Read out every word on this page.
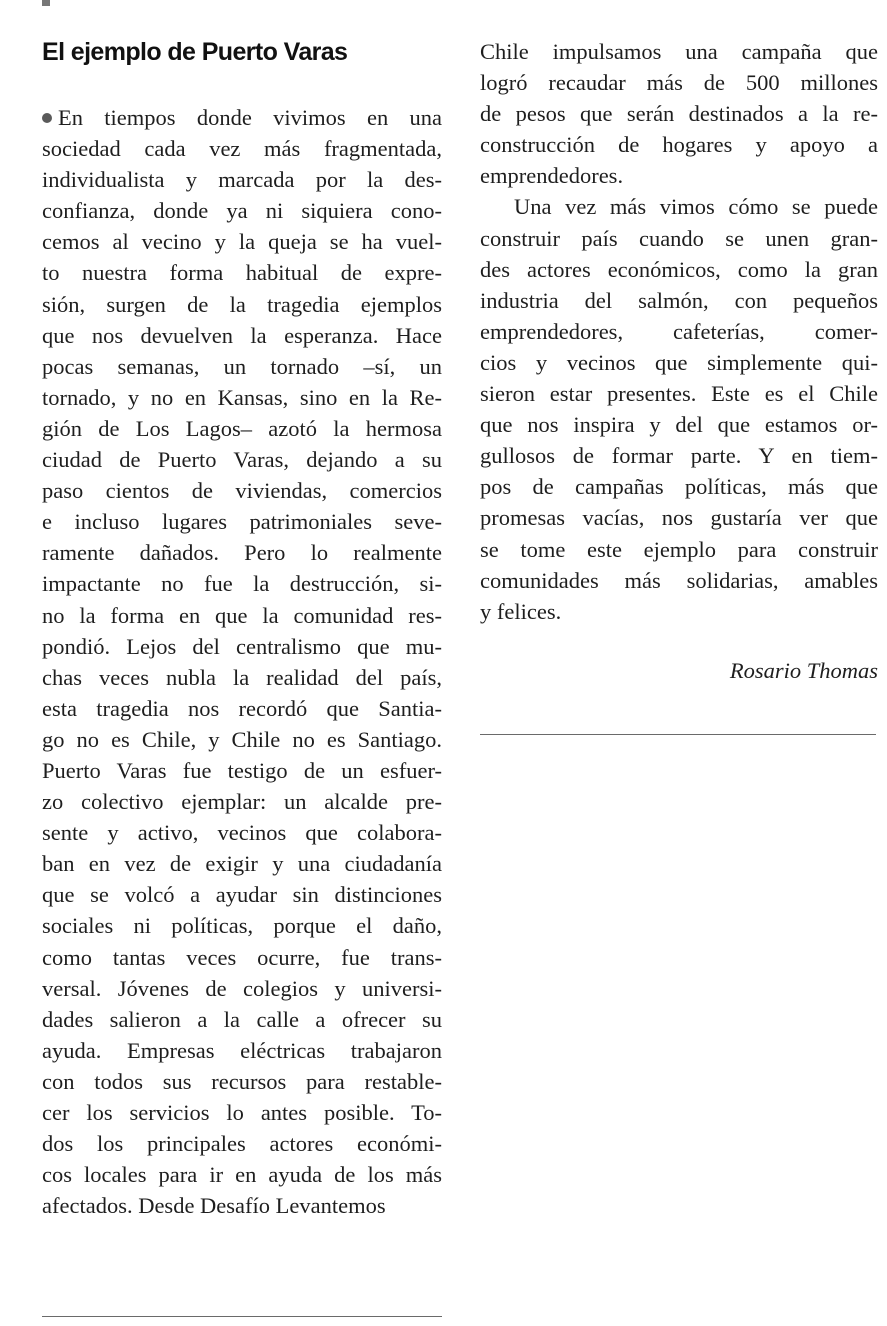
El ejemplo de Puerto Varas
En tiempos donde vivimos en una
sociedad cada vez más fragmentada,
individualista y marcada por la des-
confianza, donde ya ni siquiera cono-
cemos al vecino y la queja se ha vuel-
to nuestra forma habitual de expre-
sión, surgen de la tragedia ejemplos
que nos devuelven la esperanza. Hace
pocas semanas, un tornado –sí, un
tornado, y no en Kansas, sino en la Re-
gión de Los Lagos– azotó la hermosa
ciudad de Puerto Varas, dejando a su
paso cientos de viviendas, comercios
e incluso lugares patrimoniales seve-
ramente dañados. Pero lo realmente
impactante no fue la destrucción, si-
no la forma en que la comunidad res-
pondió. Lejos del centralismo que mu-
chas veces nubla la realidad del país,
esta tragedia nos recordó que Santia-
go no es Chile, y Chile no es Santiago.
Puerto Varas fue testigo de un esfuer-
zo colectivo ejemplar: un alcalde pre-
sente y activo, vecinos que colabora-
ban en vez de exigir y una ciudadanía
que se volcó a ayudar sin distinciones
sociales ni políticas, porque el daño,
como tantas veces ocurre, fue trans-
versal. Jóvenes de colegios y universi-
dades salieron a la calle a ofrecer su
ayuda. Empresas eléctricas trabajaron
con todos sus recursos para restable-
cer los servicios lo antes posible. To-
dos los principales actores económi-
cos locales para ir en ayuda de los más
afectados. Desde Desafío Levantemos
Chile impulsamos una campaña que
logró recaudar más de 500 millones
de pesos que serán destinados a la re-
construcción de hogares y apoyo a
emprendedores.
Una vez más vimos cómo se puede
construir país cuando se unen gran-
des actores económicos, como la gran
industria del salmón, con pequeños
emprendedores, cafeterías, comer-
cios y vecinos que simplemente qui-
sieron estar presentes. Este es el Chile
que nos inspira y del que estamos or-
gullosos de formar parte. Y en tiem-
pos de campañas políticas, más que
promesas vacías, nos gustaría ver que
se tome este ejemplo para construir
comunidades más solidarias, amables
y felices.
Rosario Thomas
